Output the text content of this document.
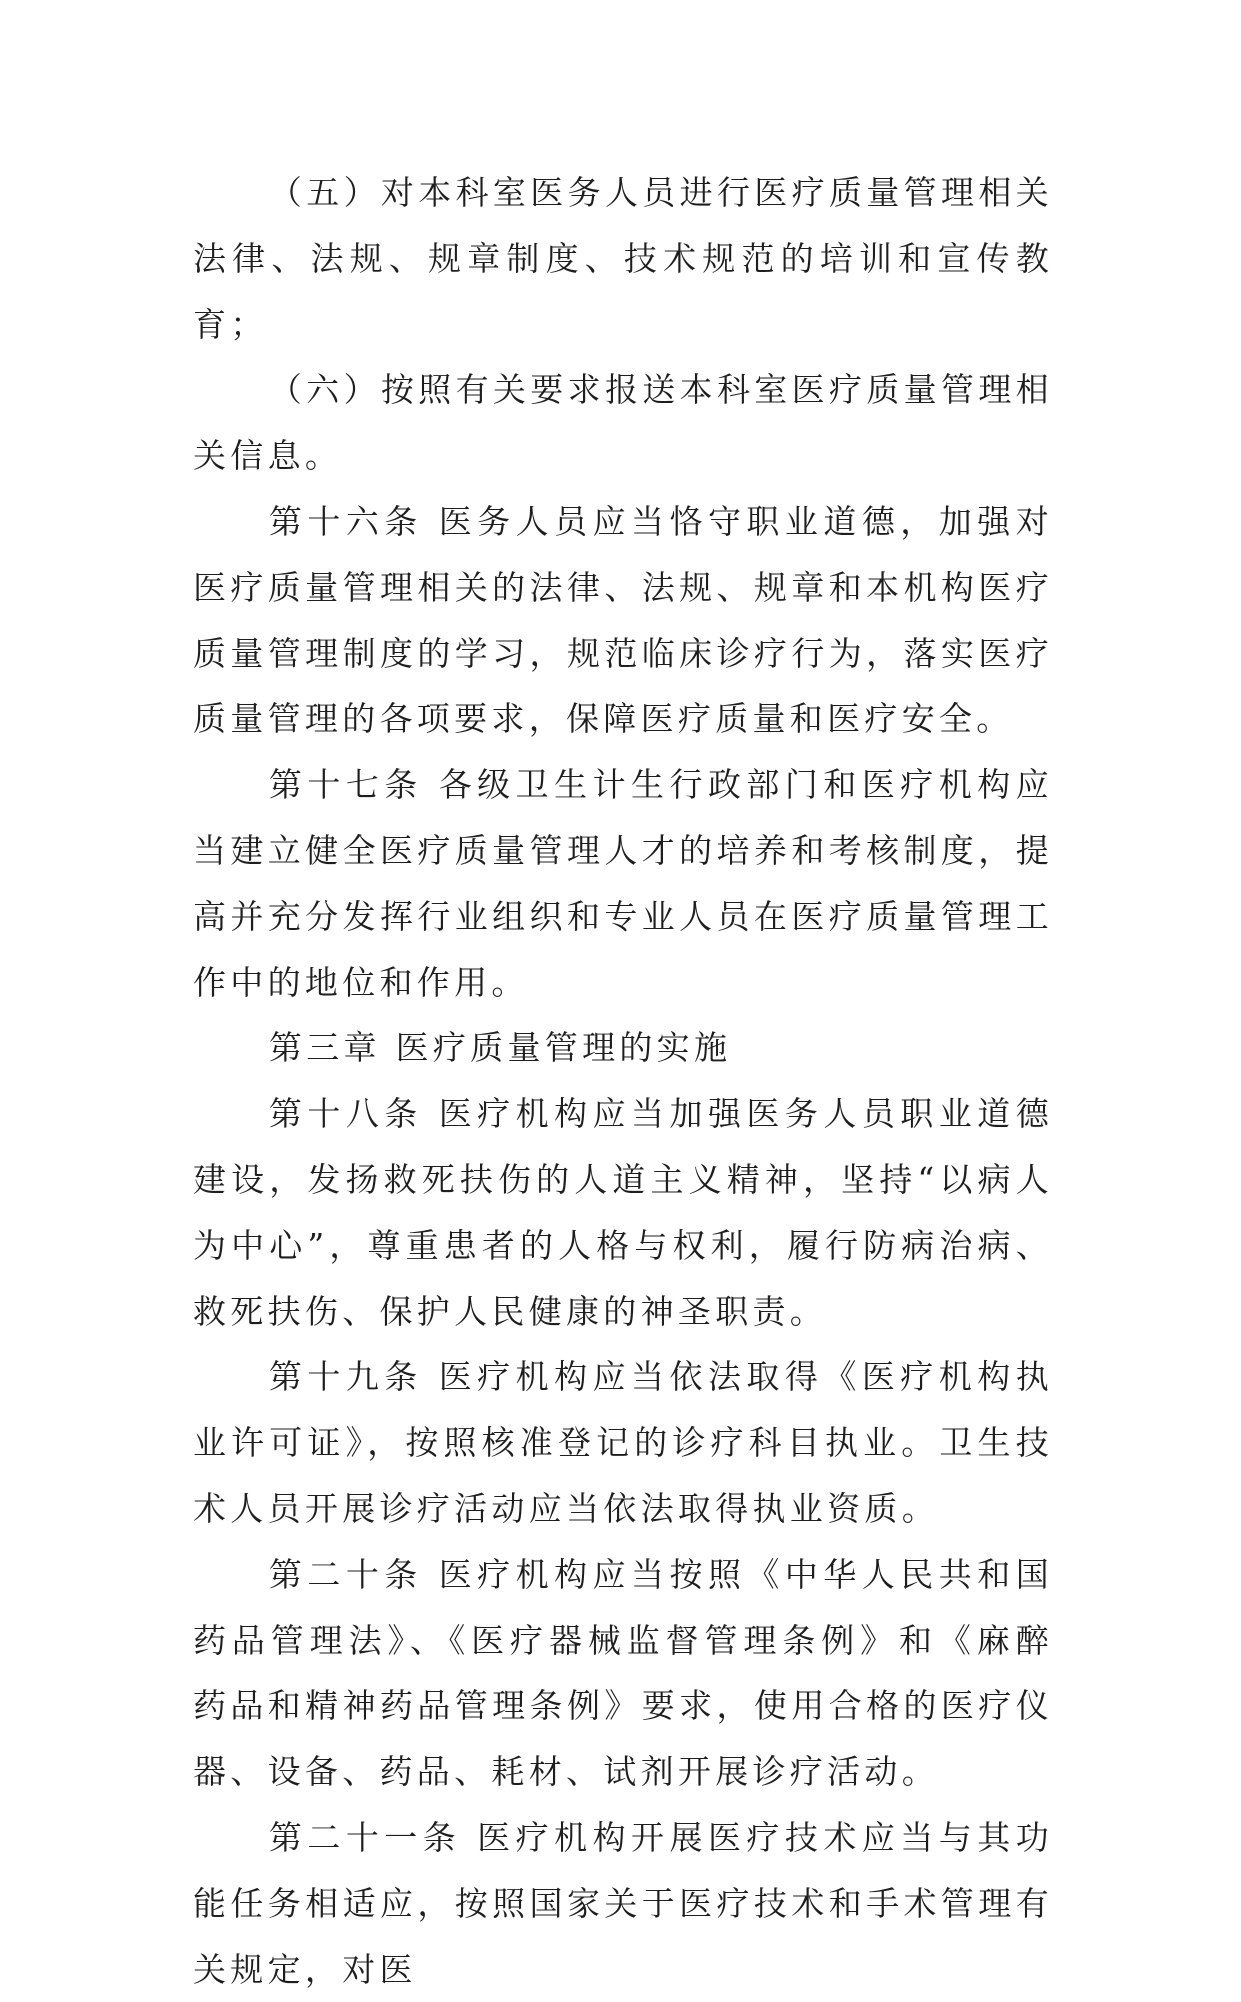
（五）对本科室医务人员进行医疗质量管理相关法律、法规、规章制度、技术规范的培训和宣传教育；

（六）按照有关要求报送本科室医疗质量管理相关信息。

第十六条 医务人员应当恪守职业道德，加强对医疗质量管理相关的法律、法规、规章和本机构医疗质量管理制度的学习，规范临床诊疗行为，落实医疗质量管理的各项要求，保障医疗质量和医疗安全。

第十七条 各级卫生计生行政部门和医疗机构应当建立健全医疗质量管理人才的培养和考核制度，提高并充分发挥行业组织和专业人员在医疗质量管理工作中的地位和作用。

第三章 医疗质量管理的实施

第十八条 医疗机构应当加强医务人员职业道德建设，发扬救死扶伤的人道主义精神，坚持“以病人为中心”，尊重患者的人格与权利，履行防病治病、救死扶伤、保护人民健康的神圣职责。

第十九条 医疗机构应当依法取得《医疗机构执业许可证》，按照核准登记的诊疗科目执业。卫生技术人员开展诊疗活动应当依法取得执业资质。

第二十条 医疗机构应当按照《中华人民共和国药品管理法》、《医疗器械监督管理条例》和《麻醉药品和精神药品管理条例》要求，使用合格的医疗仪器、设备、药品、耗材、试剂开展诊疗活动。

第二十一条 医疗机构开展医疗技术应当与其功能任务相适应，按照国家关于医疗技术和手术管理有关规定，对医
